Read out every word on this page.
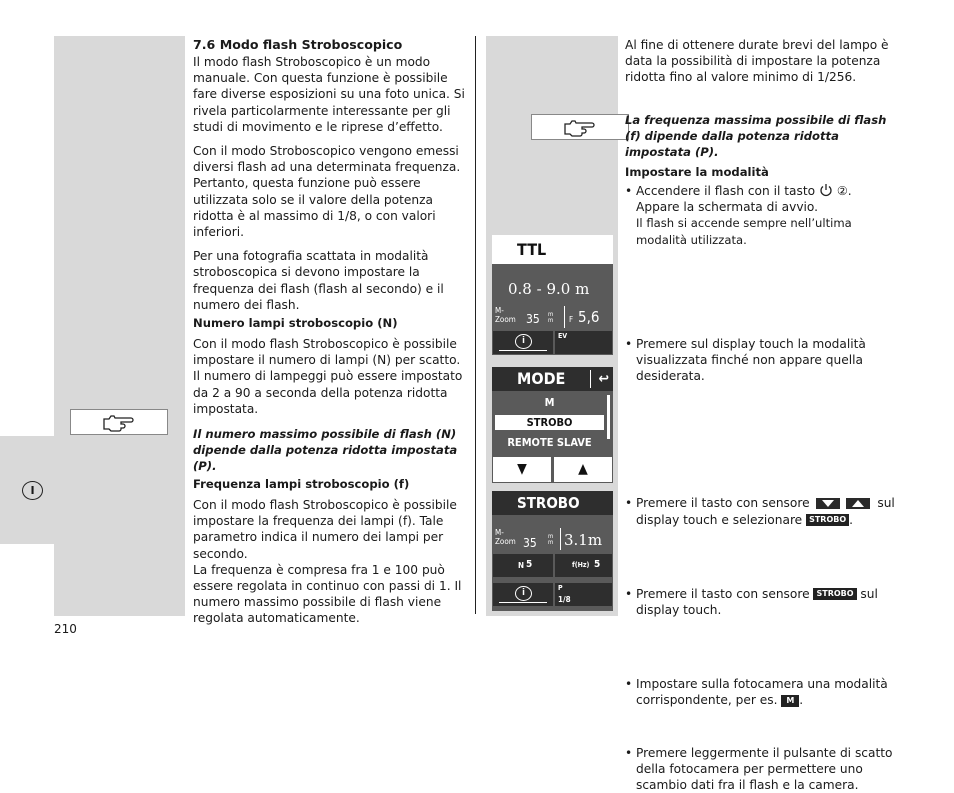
I
7.6 Modo flash Stroboscopico

Il modo flash Stroboscopico è un modo manuale. Con questa funzione è possibile fare diverse esposizioni su una foto unica. Si rivela particolarmente interessante per gli studi di movimento e le riprese d’effetto.

Con il modo Stroboscopico vengono emessi diversi flash ad una determinata frequenza. Pertanto, questa funzione può essere utilizzata solo se il valore della potenza ridotta è al massimo di 1/8, o con valori inferiori.

Per una fotografia scattata in modalità stroboscopica si devono impostare la frequenza dei flash (flash al secondo) e il numero dei flash.

Numero lampi stroboscopio (N)

Con il modo flash Stroboscopico è possibile impostare il numero di lampi (N) per scatto. Il numero di lampeggi può essere impostato da 2 a 90 a seconda della potenza ridotta impostata.

Il numero massimo possibile di flash (N) dipende dalla potenza ridotta impostata (P).
Frequenza lampi stroboscopio (f)

Con il modo flash Stroboscopico è possibile impostare la frequenza dei lampi (f). Tale parametro indica il numero dei lampi per secondo.

La frequenza è compresa fra 1 e 100 può essere regolata in continuo con passi di 1. Il numero massimo possibile di flash viene regolata automaticamente.

210
Al fine di ottenere durate brevi del lampo è data la possibilità di impostare la potenza ridotta fino al valore minimo di 1/256.
La frequenza massima possibile di flash (f) dipende dalla potenza ridotta impostata (P).
Impostare la modalità
• Accendere il flash con il tasto ②.
Appare la schermata di avvio.
Il flash si accende sempre nell’ultima modalità utilizzata.
• Premere sul display touch la modalità visualizzata finché non appare quella desiderata.
• Premere il tasto con sensore	sul display touch e selezionare STROBO .
• Premere il tasto con sensore STROBO sul display touch.
• Impostare sulla fotocamera una modalità corrispondente, per es. M .
• Premere leggermente il pulsante di scatto della fotocamera per permettere uno scambio dati fra il flash e la camera.
TTL
0.8 - 9.0 m
M-
Zoom 35 m m F 5,6
i	EV
MODE ↩
M
STROBO
REMOTE SLAVE
▼	▲
STROBO
M-
Zoom 35 m m 3.1m
N 5	f(Hz) 5
i	P
1/8
